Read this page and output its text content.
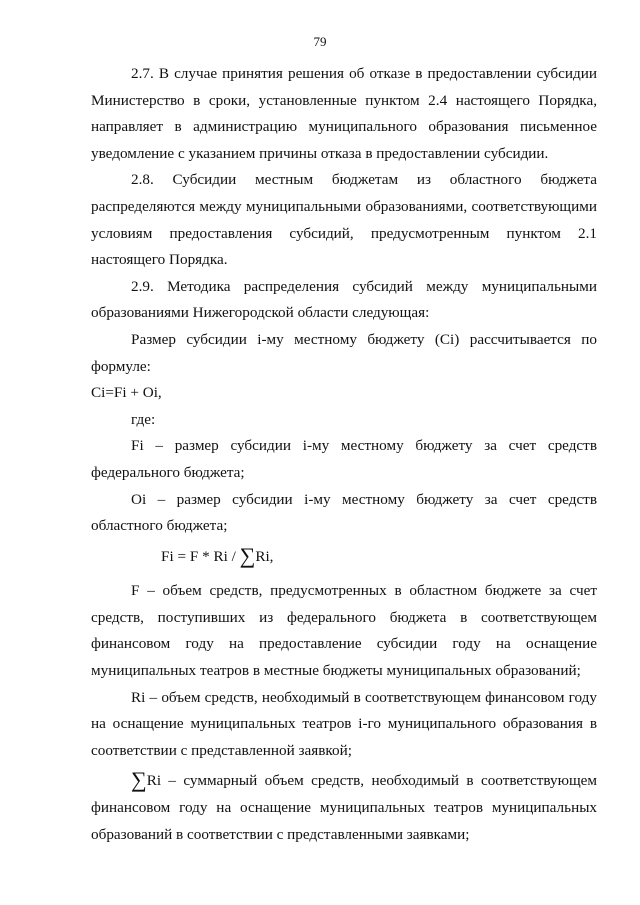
79

2.7. В случае принятия решения об отказе в предоставлении субсидии Министерство в сроки, установленные пунктом 2.4 настоящего Порядка, направляет в администрацию муниципального образования письменное уведомление с указанием причины отказа в предоставлении субсидии.

2.8. Субсидии местным бюджетам из областного бюджета распределяются между муниципальными образованиями, соответствующими условиям предоставления субсидий, предусмотренным пунктом 2.1 настоящего Порядка.

2.9. Методика распределения субсидий между муниципальными образованиями Нижегородской области следующая:

Размер субсидии i-му местному бюджету (Ci) рассчитывается по формуле:

Ci=Fi + Oi,

где:

Fi – размер субсидии i-му местному бюджету за счет средств федерального бюджета;

Oi – размер субсидии i-му местному бюджету за счет средств областного бюджета;

Fi = F * Ri / ∑Ri,

F – объем средств, предусмотренных в областном бюджете за счет средств, поступивших из федерального бюджета в соответствующем финансовом году на предоставление субсидии году на оснащение муниципальных театров в местные бюджеты муниципальных образований;

Ri – объем средств, необходимый в соответствующем финансовом году на оснащение муниципальных театров i-го муниципального образования в соответствии с представленной заявкой;

∑Ri – суммарный объем средств, необходимый в соответствующем финансовом году на оснащение муниципальных театров муниципальных образований в соответствии с представленными заявками;
